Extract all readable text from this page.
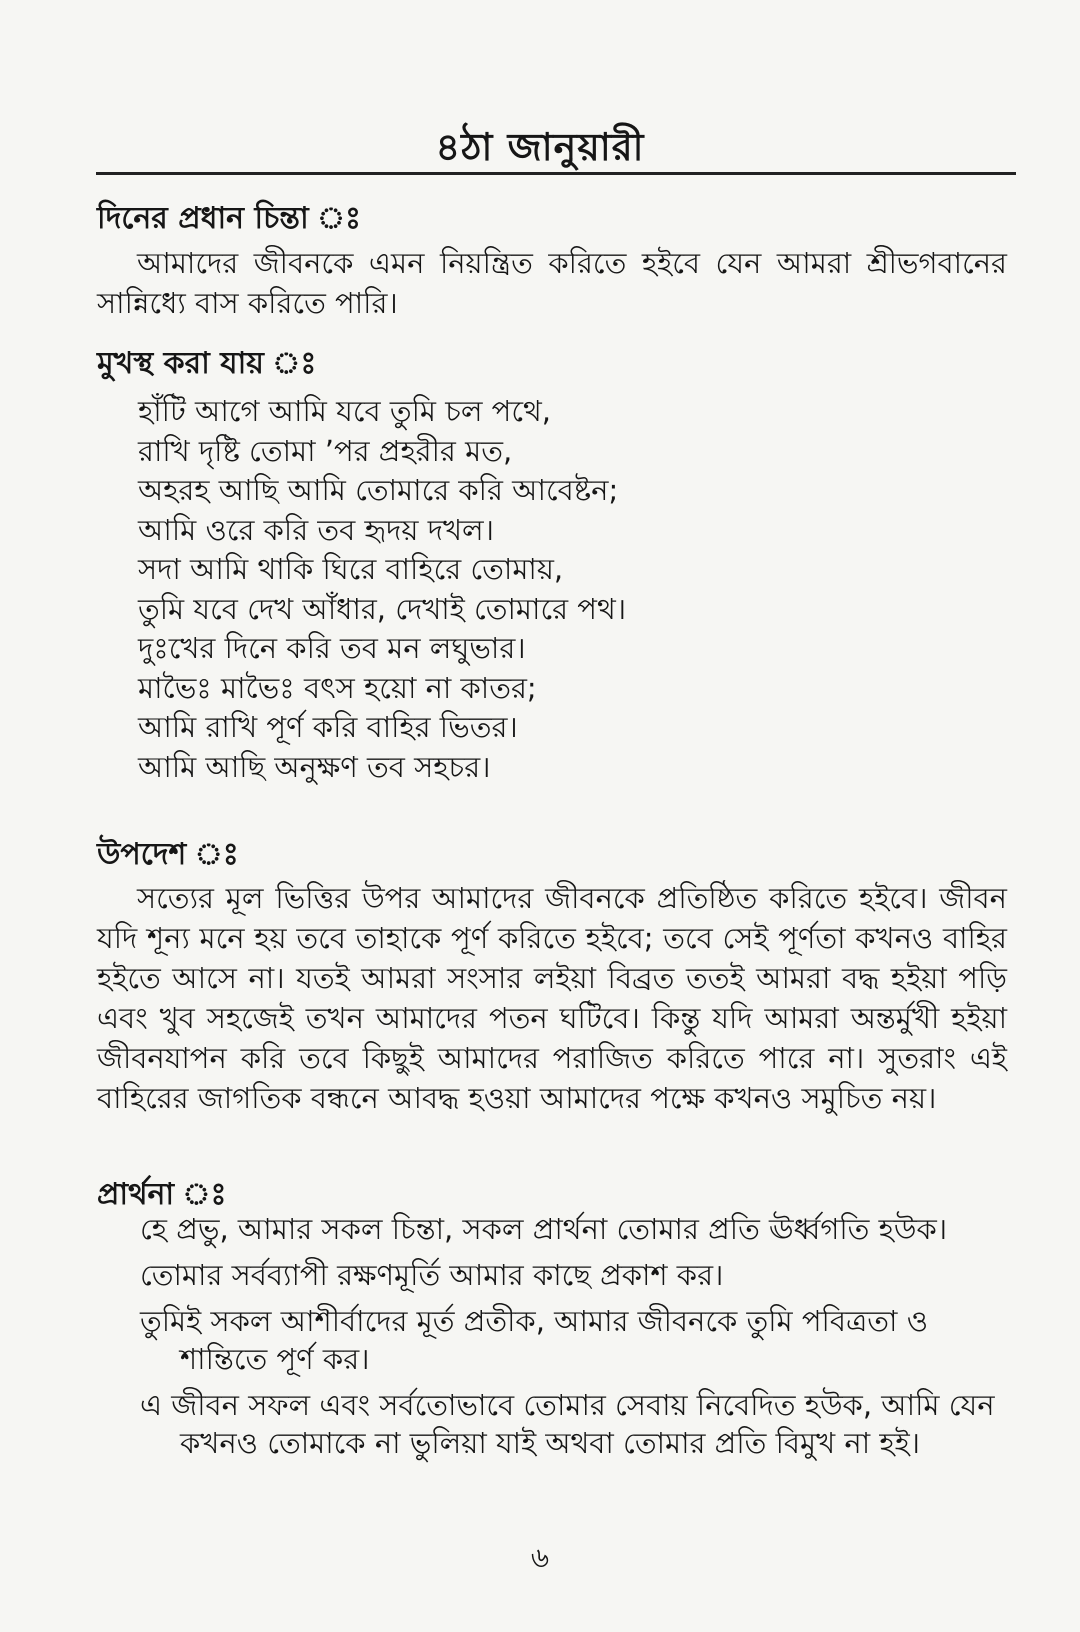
৪ঠা জানুয়ারী
দিনের প্রধান চিন্তা ঃ
আমাদের জীবনকে এমন নিয়ন্ত্রিত করিতে হইবে যেন আমরা শ্রীভগবানের সান্নিধ্যে বাস করিতে পারি।
মুখস্থ করা যায় ঃ
হাঁটি আগে আমি যবে তুমি চল পথে,
রাখি দৃষ্টি তোমা ’পর প্রহরীর মত,
অহরহ আছি আমি তোমারে করি আবেষ্টন;
আমি ওরে করি তব হৃদয় দখল।
সদা আমি থাকি ঘিরে বাহিরে তোমায়,
তুমি যবে দেখ আঁধার, দেখাই তোমারে পথ।
দুঃখের দিনে করি তব মন লঘুভার।
মাভৈঃ মাভৈঃ বৎস হয়ো না কাতর;
আমি রাখি পূর্ণ করি বাহির ভিতর।
আমি আছি অনুক্ষণ তব সহচর।
উপদেশ ঃ
সত্যের মূল ভিত্তির উপর আমাদের জীবনকে প্রতিষ্ঠিত করিতে হইবে। জীবন যদি শূন্য মনে হয় তবে তাহাকে পূর্ণ করিতে হইবে; তবে সেই পূর্ণতা কখনও বাহির হইতে আসে না। যতই আমরা সংসার লইয়া বিব্রত ততই আমরা বদ্ধ হইয়া পড়ি এবং খুব সহজেই তখন আমাদের পতন ঘটিবে। কিন্তু যদি আমরা অন্তর্মুখী হইয়া জীবনযাপন করি তবে কিছুই আমাদের পরাজিত করিতে পারে না। সুতরাং এই বাহিরের জাগতিক বন্ধনে আবদ্ধ হওয়া আমাদের পক্ষে কখনও সমুচিত নয়।
প্রার্থনা ঃ
হে প্রভু, আমার সকল চিন্তা, সকল প্রার্থনা তোমার প্রতি ঊর্ধ্বগতি হউক।
তোমার সর্বব্যাপী রক্ষণমূর্তি আমার কাছে প্রকাশ কর।
তুমিই সকল আশীর্বাদের মূর্ত প্রতীক, আমার জীবনকে তুমি পবিত্রতা ও শান্তিতে পূর্ণ কর।
এ জীবন সফল এবং সর্বতোভাবে তোমার সেবায় নিবেদিত হউক, আমি যেন কখনও তোমাকে না ভুলিয়া যাই অথবা তোমার প্রতি বিমুখ না হই।
৬
